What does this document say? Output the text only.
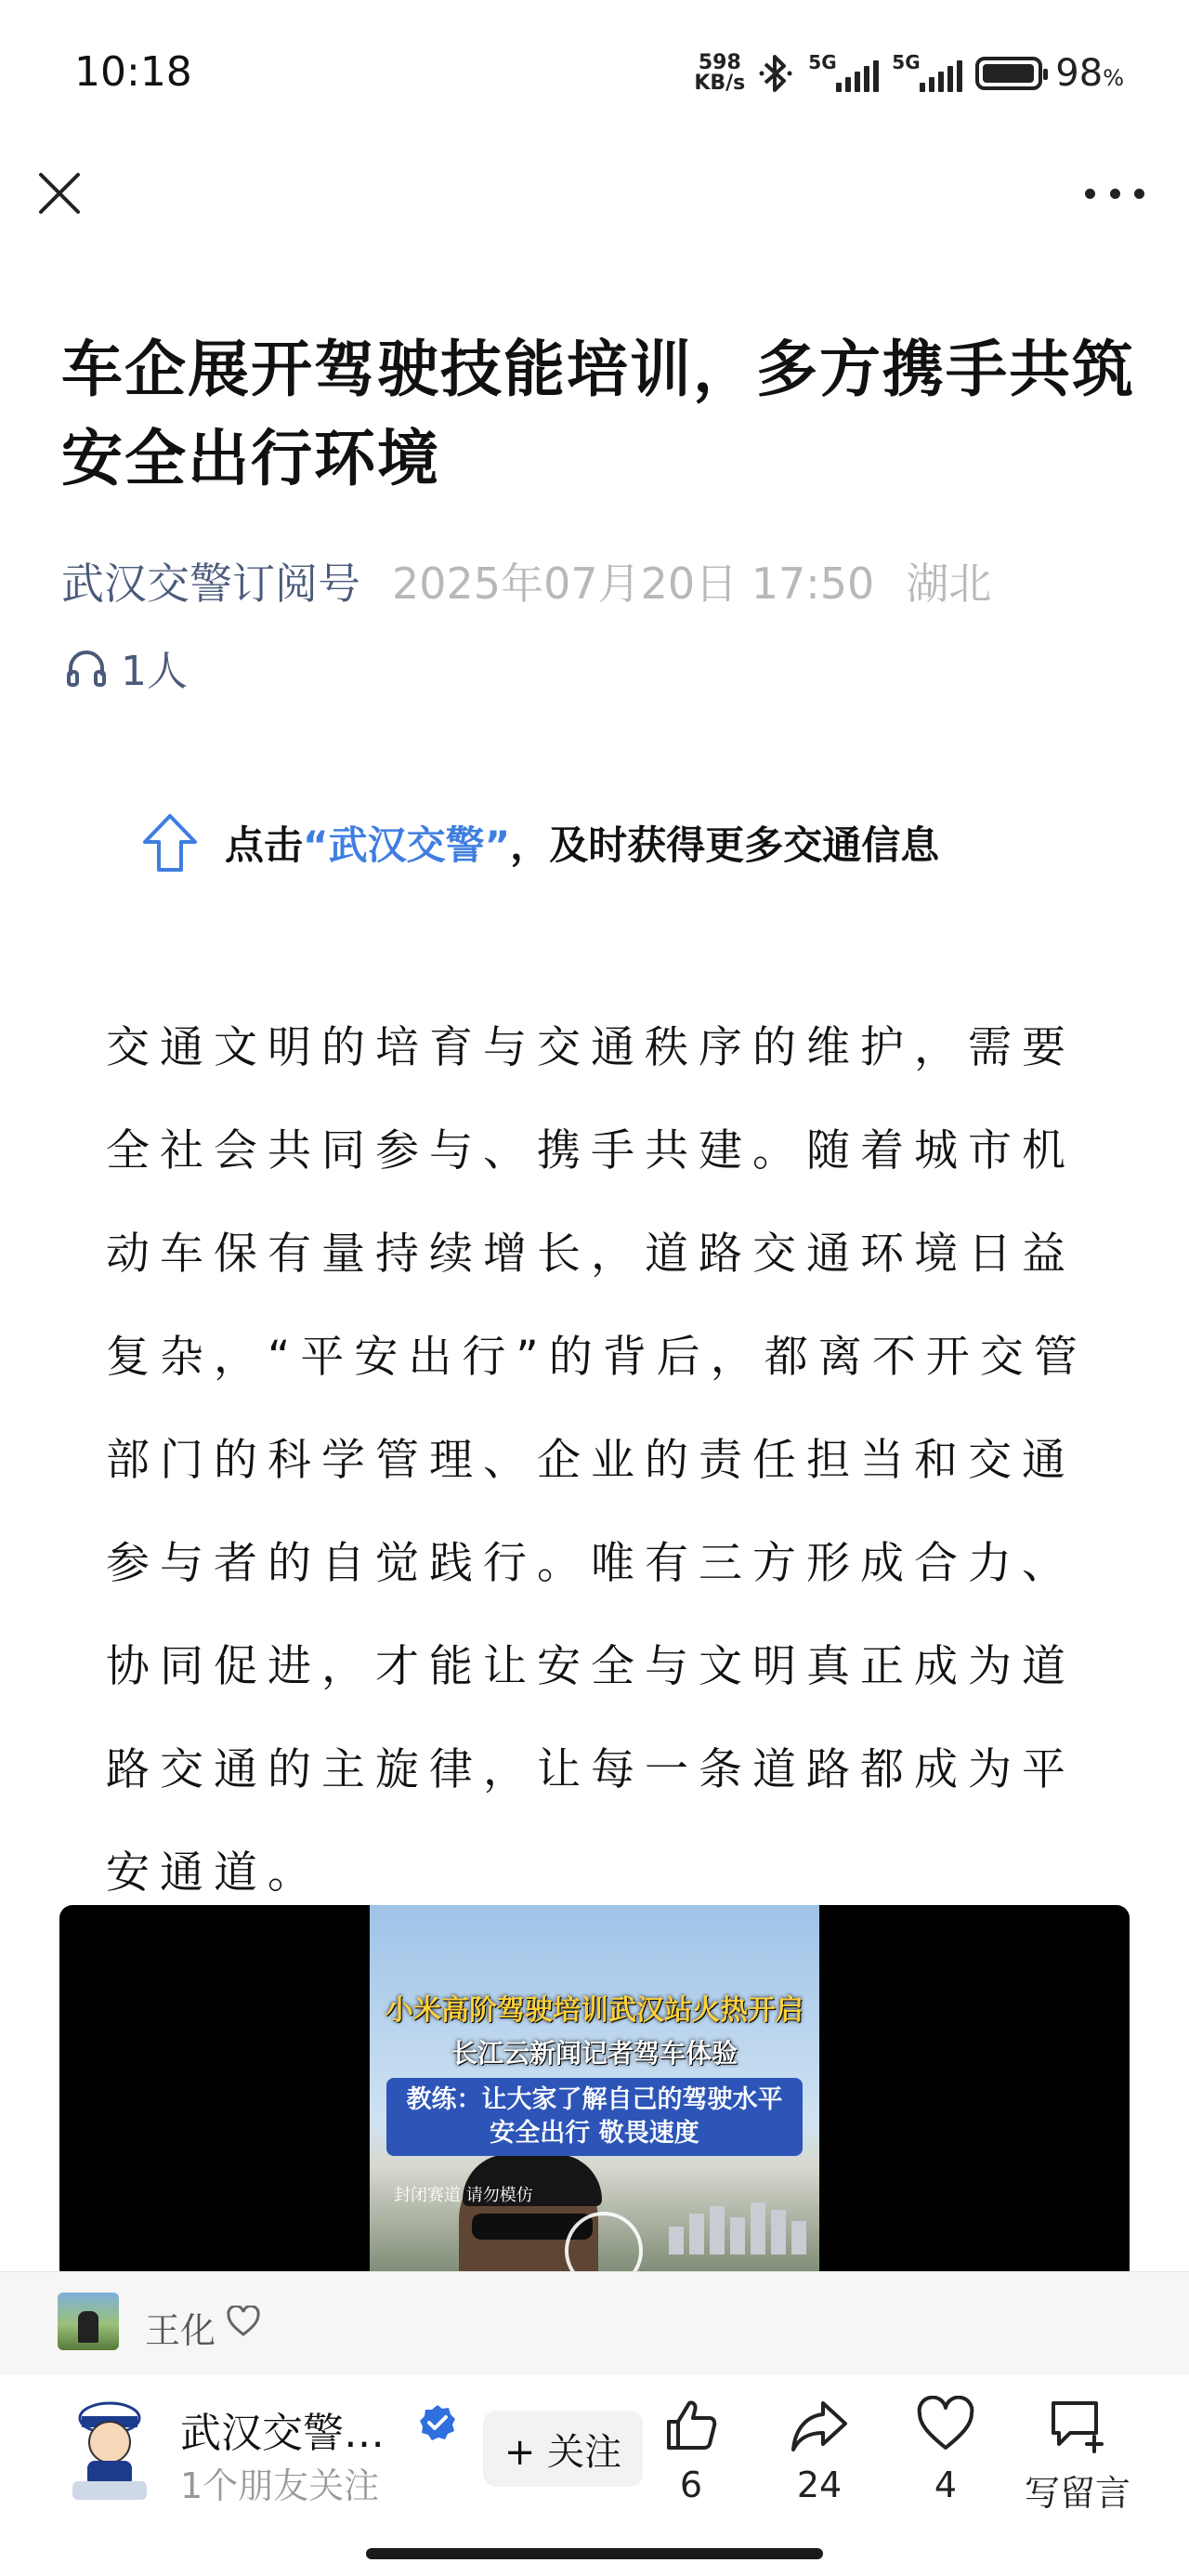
10:18	598
KB/s
5G	5G	98%
车企展开驾驶技能培训，多方携手共筑安全出行环境
武汉交警订阅号 2025年07月20日 17:50 湖北
1人
点击“武汉交警”，及时获得更多交通信息

交通文明的培育与交通秩序的维护，需要全社会共同参与、携手共建。随着城市机动车保有量持续增长，道路交通环境日益复杂，“平安出行”的背后，都离不开交管部门的科学管理、企业的责任担当和交通参与者的自觉践行。唯有三方形成合力、协同促进，才能让安全与文明真正成为道路交通的主旋律，让每一条道路都成为平安通道。

小米高阶驾驶培训武汉站火热开启
长江云新闻记者驾车体验
教练：让大家了解自己的驾驶水平
安全出行 敬畏速度
封闭赛道 请勿模仿
王化
武汉交警…
1个朋友关注
+ 关注
6	24	4 写留言
